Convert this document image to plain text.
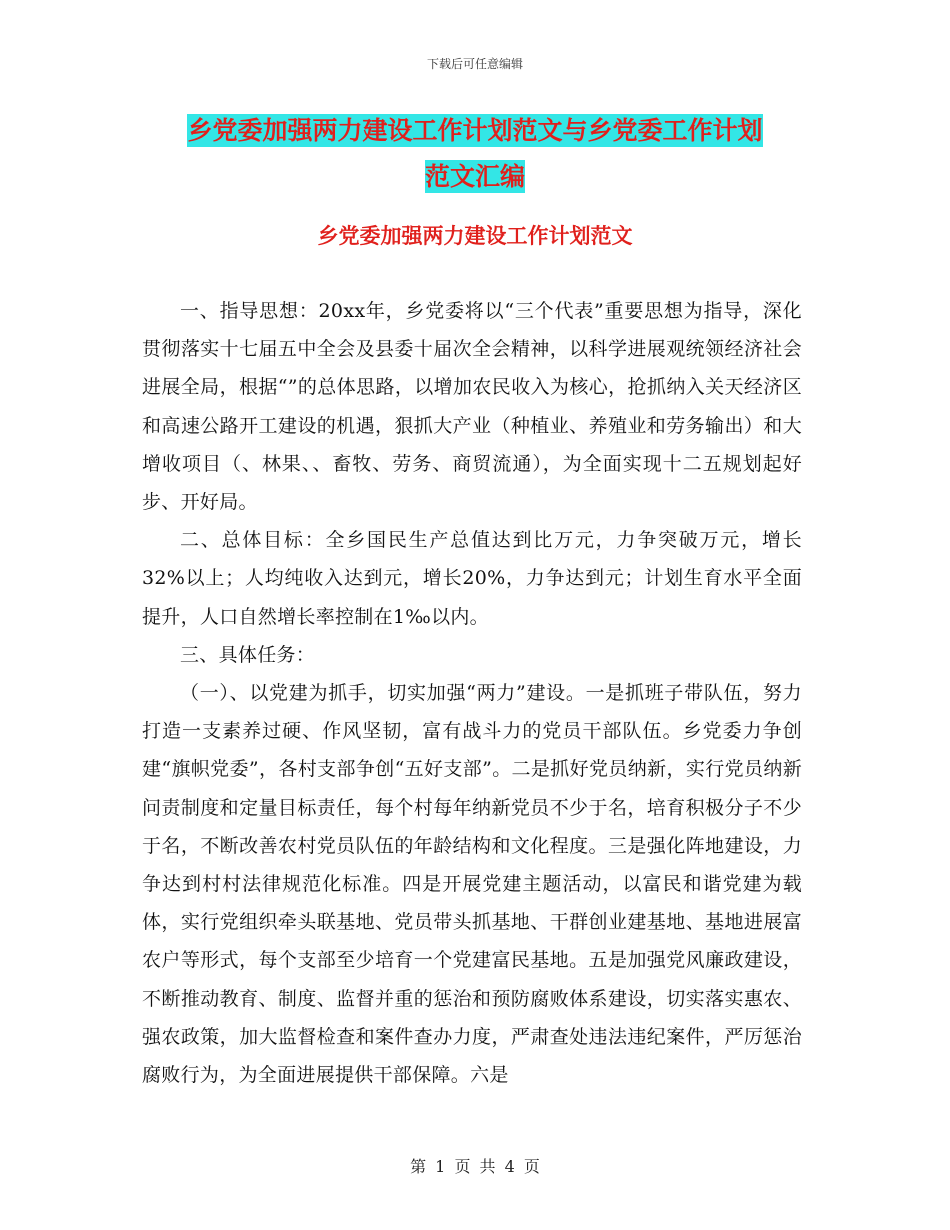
下载后可任意编辑
乡党委加强两力建设工作计划范文与乡党委工作计划
范文汇编
乡党委加强两力建设工作计划范文

一、指导思想：20xx年，乡党委将以“三个代表”重要思想为指导，深化贯彻落实十七届五中全会及县委十届次全会精神，以科学进展观统领经济社会进展全局，根据“”的总体思路，以增加农民收入为核心，抢抓纳入关天经济区和高速公路开工建设的机遇，狠抓大产业（种植业、养殖业和劳务输出）和大增收项目（、林果、、畜牧、劳务、商贸流通），为全面实现十二五规划起好步、开好局。

二、总体目标：全乡国民生产总值达到比万元，力争突破万元，增长32%以上；人均纯收入达到元，增长20%，力争达到元；计划生育水平全面提升，人口自然增长率控制在1‰以内。

三、具体任务：

（一）、以党建为抓手，切实加强“两力”建设。一是抓班子带队伍，努力打造一支素养过硬、作风坚韧，富有战斗力的党员干部队伍。乡党委力争创建“旗帜党委”，各村支部争创“五好支部”。二是抓好党员纳新，实行党员纳新问责制度和定量目标责任，每个村每年纳新党员不少于名，培育积极分子不少于名，不断改善农村党员队伍的年龄结构和文化程度。三是强化阵地建设，力争达到村村法律规范化标准。四是开展党建主题活动，以富民和谐党建为载体，实行党组织牵头联基地、党员带头抓基地、干群创业建基地、基地进展富农户等形式，每个支部至少培育一个党建富民基地。五是加强党风廉政建设，不断推动教育、制度、监督并重的惩治和预防腐败体系建设，切实落实惠农、强农政策，加大监督检查和案件查办力度，严肃查处违法违纪案件，严厉惩治腐败行为，为全面进展提供干部保障。六是

第 1 页 共 4 页
